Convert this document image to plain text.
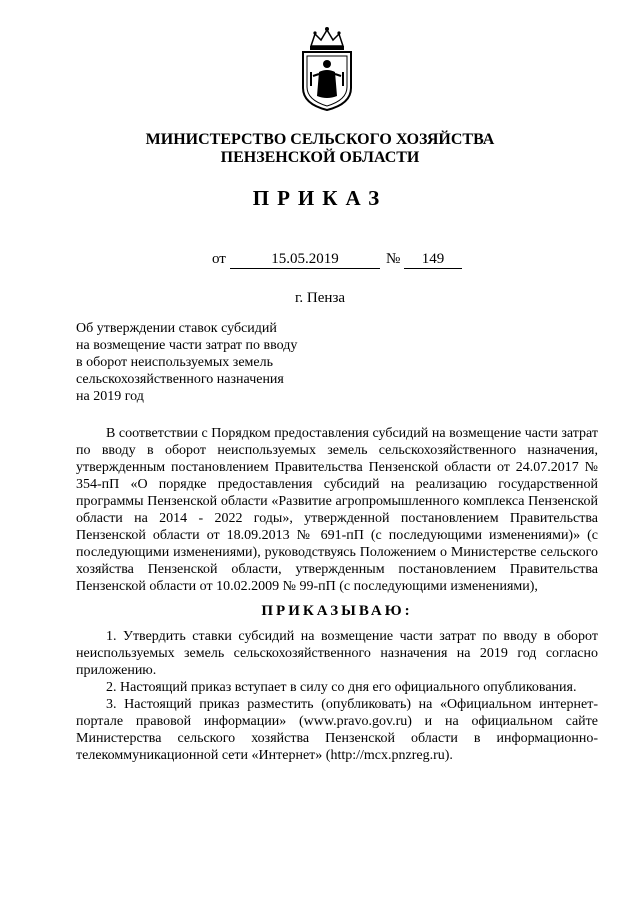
МИНИСТЕРСТВО СЕЛЬСКОГО ХОЗЯЙСТВА
ПЕНЗЕНСКОЙ ОБЛАСТИ
ПРИКАЗ
от	15.05.2019	№	149
г. Пенза
Об утверждении ставок субсидий
на возмещение части затрат по вводу
в оборот неиспользуемых земель
сельскохозяйственного назначения
на 2019 год

В соответствии с Порядком предоставления субсидий на возмещение части затрат по вводу в оборот неиспользуемых земель сельскохозяйственного назначения, утвержденным постановлением Правительства Пензенской области от 24.07.2017 № 354-пП «О порядке предоставления субсидий на реализацию государственной программы Пензенской области «Развитие агропромышленного комплекса Пензенской области на 2014 - 2022 годы», утвержденной постановлением Правительства Пензенской области от 18.09.2013 № 691-пП (с последующими изменениями)» (с последующими изменениями), руководствуясь Положением о Министерстве сельского хозяйства Пензенской области, утвержденным постановлением Правительства Пензенской области от 10.02.2009 № 99-пП (с последующими изменениями),

ПРИКАЗЫВАЮ:

1. Утвердить ставки субсидий на возмещение части затрат по вводу в оборот неиспользуемых земель сельскохозяйственного назначения на 2019 год согласно приложению.

2. Настоящий приказ вступает в силу со дня его официального опубликования.

3. Настоящий приказ разместить (опубликовать) на «Официальном интернет-портале правовой информации» (www.pravo.gov.ru) и на официальном сайте Министерства сельского хозяйства Пензенской области в информационно-телекоммуникационной сети «Интернет» (http://mcx.pnzreg.ru).
